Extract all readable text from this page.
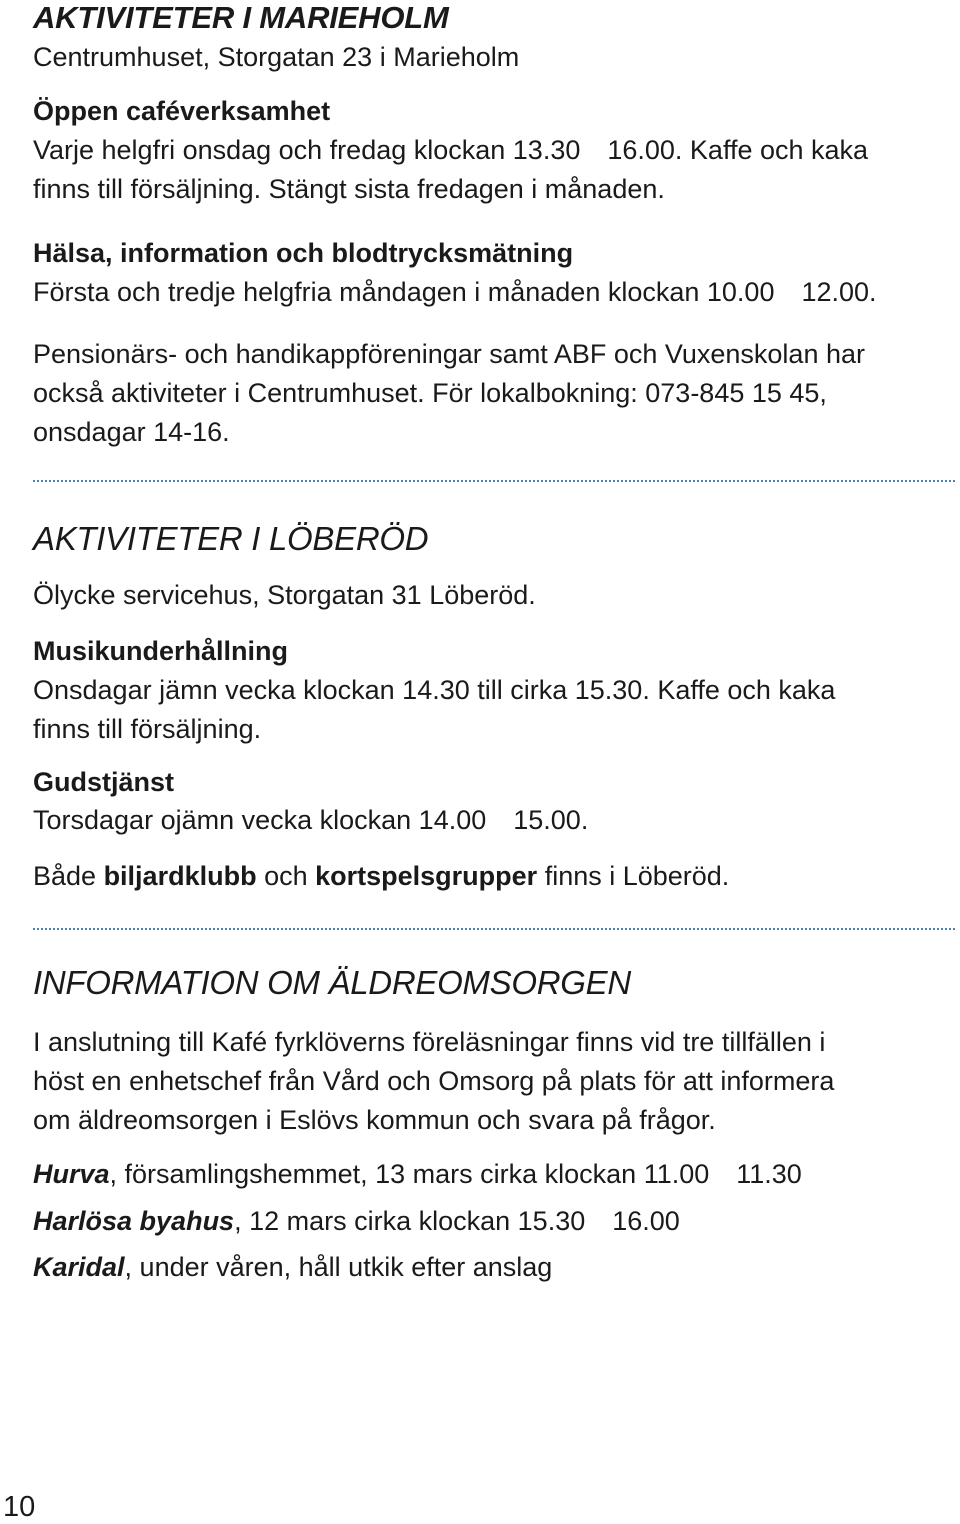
AKTIVITETER I MARIEHOLM
Centrumhuset, Storgatan 23 i Marieholm
Öppen caféverksamhet
Varje helgfri onsdag och fredag klockan 13.30 16.00. Kaffe och kaka
finns till försäljning. Stängt sista fredagen i månaden.
Hälsa, information och blodtrycksmätning
Första och tredje helgfria måndagen i månaden klockan 10.00 12.00.
Pensionärs- och handikappföreningar samt ABF och Vuxenskolan har
också aktiviteter i Centrumhuset. För lokalbokning: 073-845 15 45,
onsdagar 14-16.
AKTIVITETER I LÖBERÖD
Ölycke servicehus, Storgatan 31 Löberöd.
Musikunderhållning
Onsdagar jämn vecka klockan 14.30 till cirka 15.30. Kaffe och kaka
finns till försäljning.
Gudstjänst
Torsdagar ojämn vecka klockan 14.00 15.00.
Både biljardklubb och kortspelsgrupper finns i Löberöd.
INFORMATION OM ÄLDREOMSORGEN
I anslutning till Kafé fyrklöverns föreläsningar finns vid tre tillfällen i
höst en enhetschef från Vård och Omsorg på plats för att informera
om äldreomsorgen i Eslövs kommun och svara på frågor.
Hurva, församlingshemmet, 13 mars cirka klockan 11.00 11.30
Harlösa byahus, 12 mars cirka klockan 15.30 16.00
Karidal, under våren, håll utkik efter anslag
10
